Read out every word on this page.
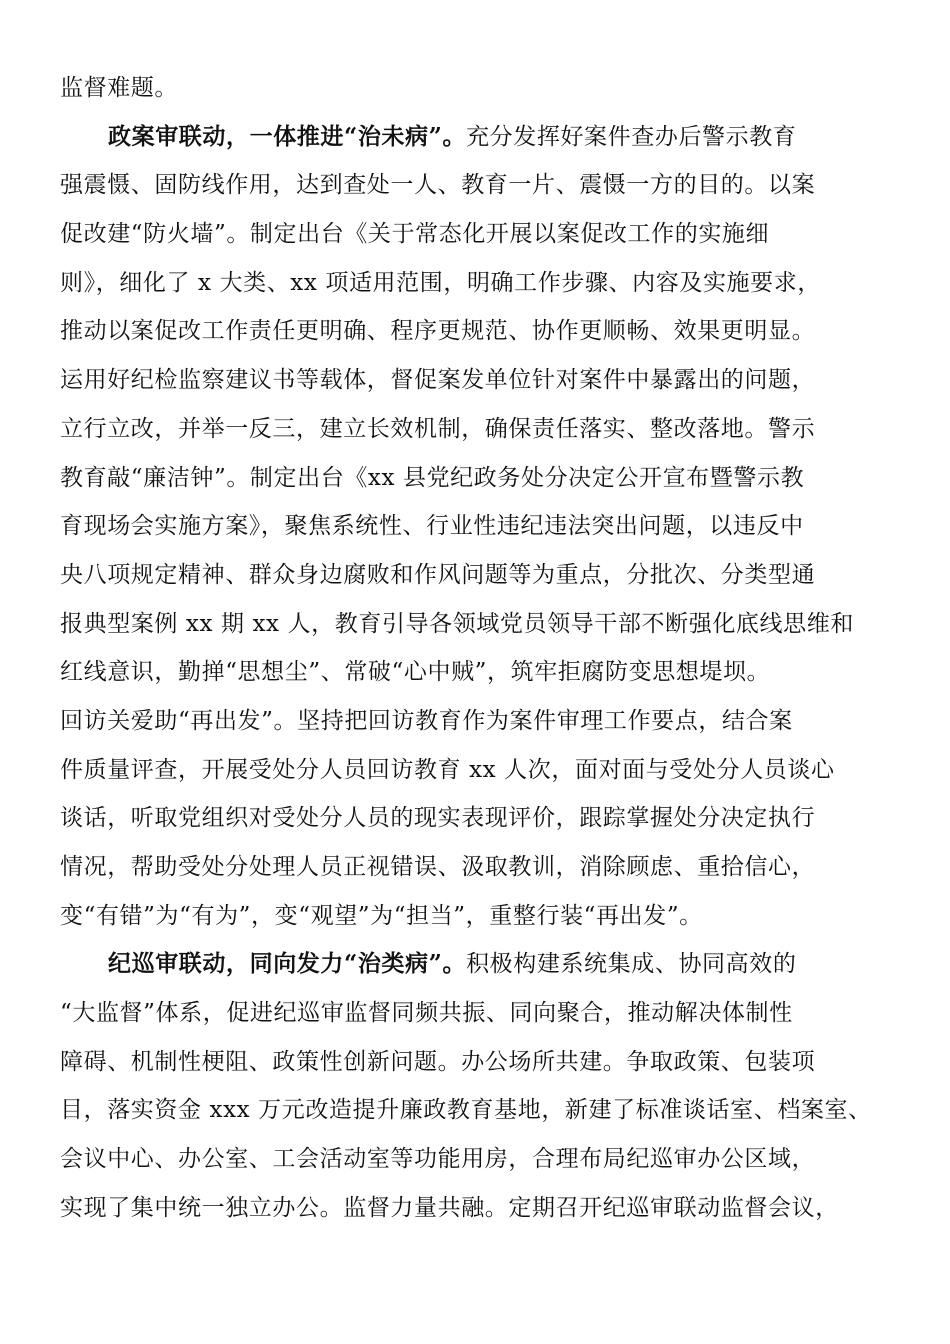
监督难题。
政案审联动，一体推进“治未病”。充分发挥好案件查办后警示教育
强震慑、固防线作用，达到查处一人、教育一片、震慑一方的目的。以案
促改建“防火墙”。制定出台《关于常态化开展以案促改工作的实施细
则》，细化了 x 大类、xx 项适用范围，明确工作步骤、内容及实施要求，
推动以案促改工作责任更明确、程序更规范、协作更顺畅、效果更明显。
运用好纪检监察建议书等载体，督促案发单位针对案件中暴露出的问题，
立行立改，并举一反三，建立长效机制，确保责任落实、整改落地。警示
教育敲“廉洁钟”。制定出台《xx 县党纪政务处分决定公开宣布暨警示教
育现场会实施方案》，聚焦系统性、行业性违纪违法突出问题，以违反中
央八项规定精神、群众身边腐败和作风问题等为重点，分批次、分类型通
报典型案例 xx 期 xx 人，教育引导各领域党员领导干部不断强化底线思维和
红线意识，勤掸“思想尘”、常破“心中贼”，筑牢拒腐防变思想堤坝。
回访关爱助“再出发”。坚持把回访教育作为案件审理工作要点，结合案
件质量评查，开展受处分人员回访教育 xx 人次，面对面与受处分人员谈心
谈话，听取党组织对受处分人员的现实表现评价，跟踪掌握处分决定执行
情况，帮助受处分处理人员正视错误、汲取教训，消除顾虑、重拾信心，
变“有错”为“有为”，变“观望”为“担当”，重整行装“再出发”。
纪巡审联动，同向发力“治类病”。积极构建系统集成、协同高效的
“大监督”体系，促进纪巡审监督同频共振、同向聚合，推动解决体制性
障碍、机制性梗阻、政策性创新问题。办公场所共建。争取政策、包装项
目，落实资金 xxx 万元改造提升廉政教育基地，新建了标准谈话室、档案室、
会议中心、办公室、工会活动室等功能用房，合理布局纪巡审办公区域，
实现了集中统一独立办公。监督力量共融。定期召开纪巡审联动监督会议，
